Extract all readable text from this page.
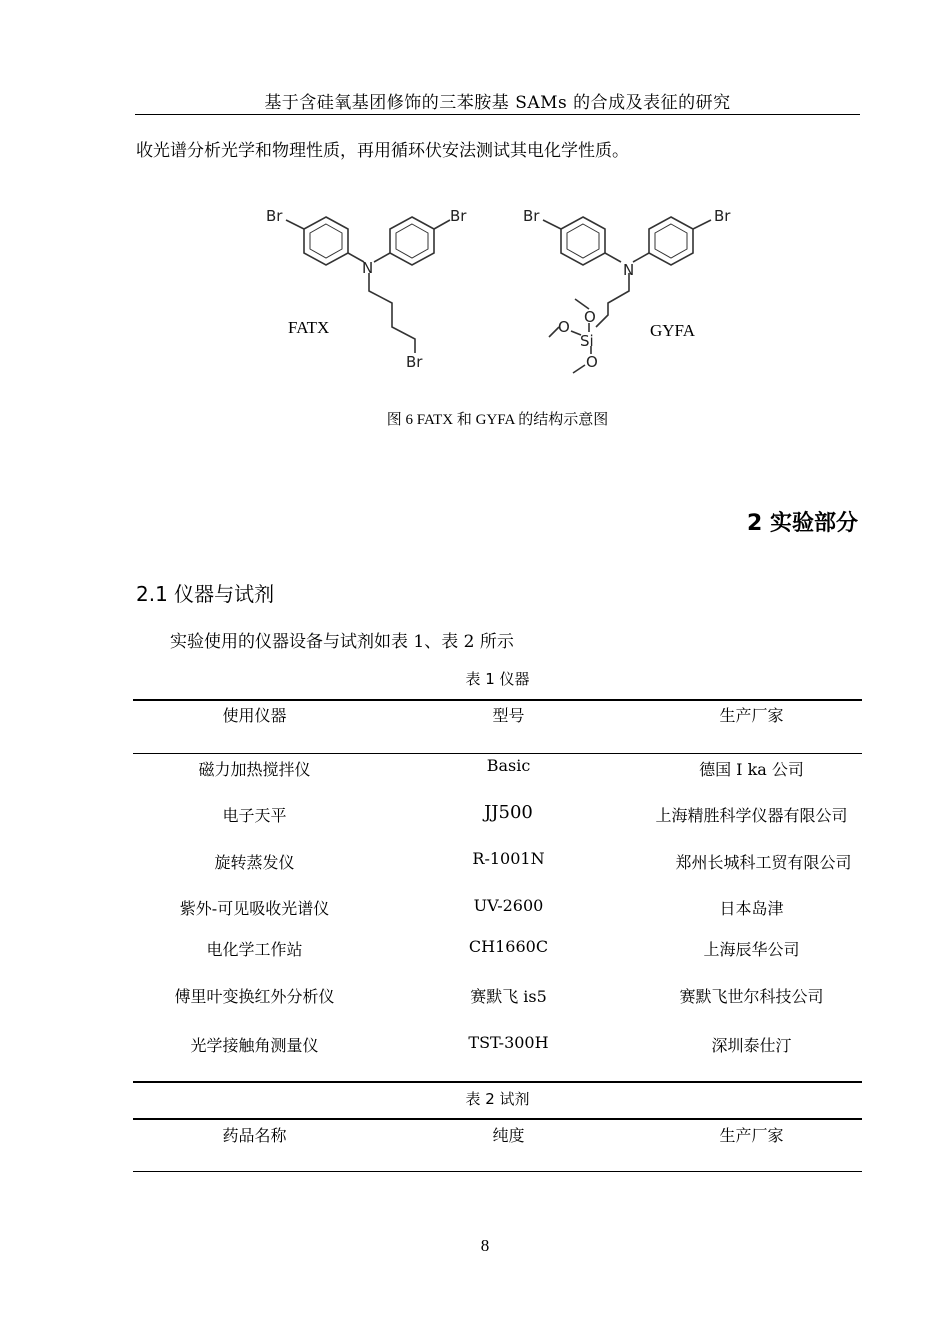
基于含硅氧基团修饰的三苯胺基 SAMs 的合成及表征的研究
收光谱分析光学和物理性质，再用循环伏安法测试其电化学性质。
Br	Br
N
Br
Br	Br
N
O
O
Si
O
FATX	GYFA
图 6 FATX 和 GYFA 的结构示意图
2 实验部分
2.1 仪器与试剂
实验使用的仪器设备与试剂如表 1、表 2 所示
表 1 仪器
使用仪器	型号	生产厂家
磁力加热搅拌仪	Basic	德国 I ka 公司
电子天平	JJ500	上海精胜科学仪器有限公司
旋转蒸发仪	R-1001N	郑州长城科工贸有限公司
紫外-可见吸收光谱仪	UV-2600	日本岛津
电化学工作站	CH1660C	上海辰华公司
傅里叶变换红外分析仪	赛默飞 is5	赛默飞世尔科技公司
光学接触角测量仪	TST-300H	深圳泰仕汀
表 2 试剂
药品名称	纯度	生产厂家
8
